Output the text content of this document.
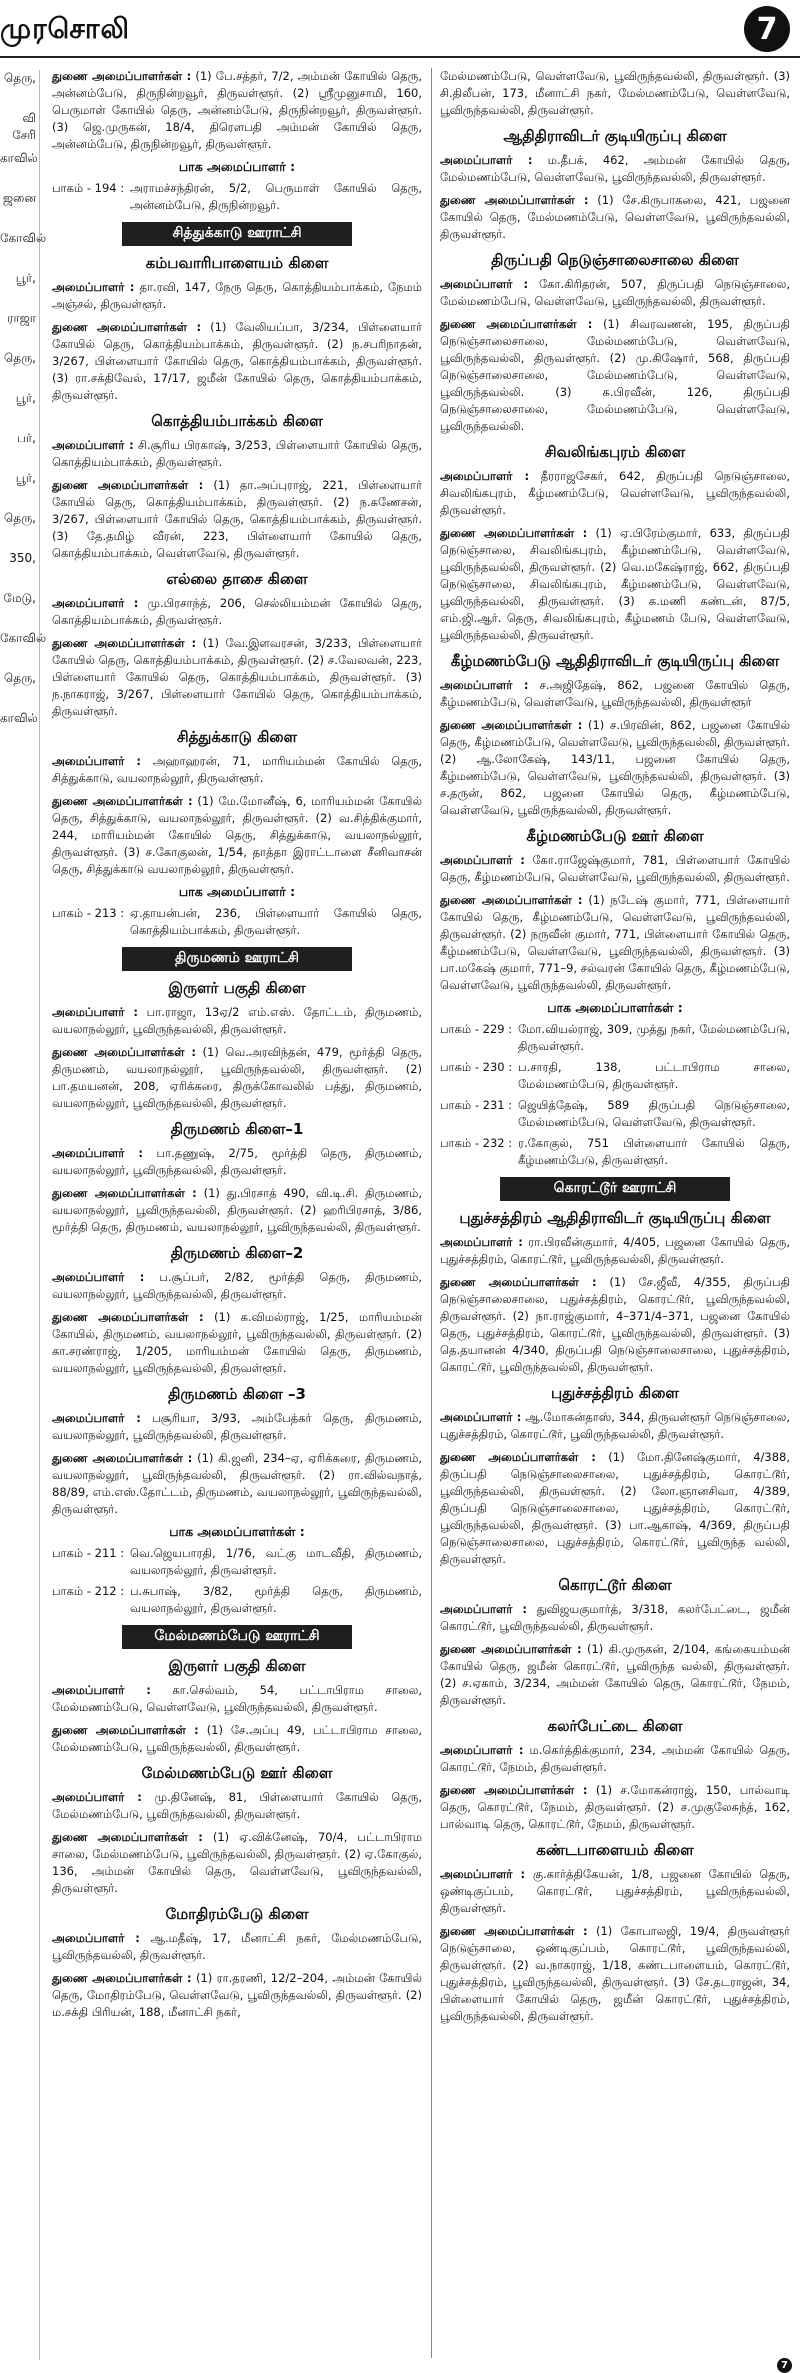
முரசொலி	7
தெரு,
வி சேரி
காவில்
ஜனை
கோவில்
பூர்,
ராஜா
தெரு,
பூர்,
பர்,
பூர்,
தெரு,
350,
மேடு,
கோவில்
தெரு,
காவில்
துணை அமைப்பாளர்கள் : (1) பே.சத்தர், 7/2, அம்மன் கோயில் தெரு, அன்னம்பேடு, திருநின்றவூர், திருவள்ளூர். (2) ஸ்ரீமுனுசாமி, 160, பெருமாள் கோயில் தெரு, அன்னம்பேடு, திருநின்றவூர், திருவள்ளூர். (3) ஜெ.முருகன், 18/4, திரௌபதி அம்மன் கோயில் தெரு, அன்னம்பேடு, திருநின்றவூர், திருவள்ளூர்.
பாக அமைப்பாளர் :
பாகம் - 194 : அராமச்சந்திரன், 5/2, பெருமாள் கோயில் தெரு, அன்னம்பேடு, திருநின்றவூர்.
சித்துக்காடு ஊராட்சி
கம்பவாரிபாளையம் கிளை
அமைப்பாளர் : தா.ரவி, 147, நேரு தெரு, கொத்தியம்பாக்கம், நேமம் அஞ்சல், திருவள்ளூர்.
துணை அமைப்பாளர்கள் : (1) வேலியப்பா, 3/234, பிள்ளையார் கோயில் தெரு, கொத்தியம்பாக்கம், திருவள்ளூர். (2) ந.சபரிநாதன், 3/267, பிள்ளையார் கோயில் தெரு, கொத்தியம்பாக்கம், திருவள்ளூர். (3) ரா.சக்திவேல், 17/17, ஜமீன் கோயில் தெரு, கொத்தியம்பாக்கம், திருவள்ளூர்.
கொத்தியம்பாக்கம் கிளை
அமைப்பாளர் : சி.சூரிய பிரகாஷ், 3/253, பிள்ளையார் கோயில் தெரு, கொத்தியம்பாக்கம், திருவள்ளூர்.
துணை அமைப்பாளர்கள் : (1) தா.அப்புராஜ், 221, பிள்ளையார் கோயில் தெரு, கொத்தியம்பாக்கம், திருவள்ளூர். (2) ந.கணேசன், 3/267, பிள்ளையார் கோயில் தெரு, கொத்தியம்பாக்கம், திருவள்ளூர். (3) தே.தமிழ் வீரன், 223, பிள்ளையார் கோயில் தெரு, கொத்தியம்பாக்கம், வெள்ளவேடு, திருவள்ளூர்.
எல்லை தாசை கிளை
அமைப்பாளர் : மு.பிரசாந்த், 206, செல்லியம்மன் கோயில் தெரு, கொத்தியம்பாக்கம், திருவள்ளூர்.
துணை அமைப்பாளர்கள் : (1) வே.இளவரசன், 3/233, பிள்ளையார் கோயில் தெரு, கொத்தியம்பாக்கம், திருவள்ளூர். (2) ச.வேலவன், 223, பிள்ளையார் கோயில் தெரு, கொத்தியம்பாக்கம், திருவள்ளூர். (3) ந.நாகராஜ், 3/267, பிள்ளையார் கோயில் தெரு, கொத்தியம்பாக்கம், திருவள்ளூர்.
சித்துக்காடு கிளை
அமைப்பாளர் : அஹாஹரன், 71, மாரியம்மன் கோயில் தெரு, சித்துக்காடு, வயலாநல்லூர், திருவள்ளூர்.
துணை அமைப்பாளர்கள் : (1) மே.மோனீஷ், 6, மாரியம்மன் கோயில் தெரு, சித்துக்காடு, வயலாநல்லூர், திருவள்ளூர். (2) வ.சித்திக்குமார், 244, மாரியம்மன் கோயில் தெரு, சித்துக்காடு, வயலாநல்லூர், திருவள்ளூர். (3) ச.கோகுலன், 1/54, தாத்தா இராட்டாளை சீனிவாசன் தெரு, சித்துக்காடு வயலாநல்லூர், திருவள்ளூர்.
பாக அமைப்பாளர் :
பாகம் - 213 : ஏ.தாயன்பன், 236, பிள்ளையார் கோயில் தெரு, கொத்தியம்பாக்கம், திருவள்ளூர்.
திருமணம் ஊராட்சி
இருளர் பகுதி கிளை
அமைப்பாளர் : பா.ராஜா, 13ஏ/2 எம்.எஸ். தோட்டம், திருமணம், வயலாநல்லூர், பூவிருந்தவல்லி, திருவள்ளூர்.
துணை அமைப்பாளர்கள் : (1) வெ.அரவிந்தன், 479, மூர்த்தி தெரு, திருமணம், வயலாநல்லூர், பூவிருந்தவல்லி, திருவள்ளூர். (2) பா.தமயனன், 208, ஏரிக்கரை, திருக்கோவலில் பத்து, திருமணம், வயலாநல்லூர், பூவிருந்தவல்லி, திருவள்ளூர்.
திருமணம் கிளை–1
அமைப்பாளர் : பா.தணுஷ், 2/75, மூர்த்தி தெரு, திருமணம், வயலாநல்லூர், பூவிருந்தவல்லி, திருவள்ளூர்.
துணை அமைப்பாளர்கள் : (1) து.பிரசாத் 490, வி.டி.சி. திருமணம், வயலாநல்லூர், பூவிருந்தவல்லி, திருவள்ளூர். (2) ஹரிபிரசாத், 3/86, மூர்த்தி தெரு, திருமணம், வயலாநல்லூர், பூவிருந்தவல்லி, திருவள்ளூர்.
திருமணம் கிளை–2
அமைப்பாளர் : ப.சூப்பர், 2/82, மூர்த்தி தெரு, திருமணம், வயலாநல்லூர், பூவிருந்தவல்லி, திருவள்ளூர்.
துணை அமைப்பாளர்கள் : (1) க.விமல்ராஜ், 1/25, மாரியம்மன் கோயில், திருமணம், வயலாநல்லூர், பூவிருந்தவல்லி, திருவள்ளூர். (2) கா.சரண்ராஜ், 1/205, மாரியம்மன் கோயில் தெரு, திருமணம், வயலாநல்லூர், பூவிருந்தவல்லி, திருவள்ளூர்.
திருமணம் கிளை –3
அமைப்பாளர் : பசூரியா, 3/93, அம்பேத்கர் தெரு, திருமணம், வயலாநல்லூர், பூவிருந்தவல்லி, திருவள்ளூர்.
துணை அமைப்பாளர்கள் : (1) கி.ஜனி, 234–ஏ, ஏரிக்கரை, திருமணம், வயலாநல்லூர், பூவிருந்தவல்லி, திருவள்ளூர். (2) ரா.வில்வநாத், 88/89, எம்.எஸ்.தோட்டம், திருமணம், வயலாநல்லூர், பூவிருந்தவல்லி, திருவள்ளூர்.
பாக அமைப்பாளர்கள் :
பாகம் - 211 : வெ.ஜெயபாரதி, 1/76, வட்கு மாடவீதி, திருமணம், வயலாநல்லூர், திருவள்ளூர்.
பாகம் - 212 : ப.சுபாஷ், 3/82, மூர்த்தி தெரு, திருமணம், வயலாநல்லூர், திருவள்ளூர்.
மேல்மணம்பேடு ஊராட்சி
இருளர் பகுதி கிளை
அமைப்பாளர் : கா.செல்வம், 54, பட்டாபிராம சாலை, மேல்மணம்பேடு, வெள்ளவேடு, பூவிருந்தவல்லி, திருவள்ளூர்.
துணை அமைப்பாளர்கள் : (1) சே.அப்பு 49, பட்டாபிராம சாலை, மேல்மணம்பேடு, பூவிருந்தவல்லி, திருவள்ளூர்.
மேல்மணம்பேடு ஊர் கிளை
அமைப்பாளர் : மு.தினேஷ், 81, பிள்ளையார் கோயில் தெரு, மேல்மணம்பேடு, பூவிருந்தவல்லி, திருவள்ளூர்.
துணை அமைப்பாளர்கள் : (1) ஏ.விக்னேஷ், 70/4, பட்டாபிராம சாலை, மேல்மணம்பேடு, பூவிருந்தவல்லி, திருவள்ளூர். (2) ஏ.கோகுல், 136, அம்மன் கோயில் தெரு, வெள்ளவேடு, பூவிருந்தவல்லி, திருவள்ளூர்.
மோதிரம்பேடு கிளை
அமைப்பாளர் : ஆ.மதீஷ், 17, மீனாட்சி நகர், மேல்மணம்பேடு, பூவிருந்தவல்லி, திருவள்ளூர்.
துணை அமைப்பாளர்கள் : (1) ரா.தரணி, 12/2–204, அம்மன் கோயில் தெரு, மோதிரம்பேடு, வெள்ளவேடு, பூவிருந்தவல்லி, திருவள்ளூர். (2) ம.சக்தி பிரியன், 188, மீனாட்சி நகர்,
மேல்மணம்பேடு, வெள்ளவேடு, பூவிருந்தவல்லி, திருவள்ளூர். (3) சி.திலீபன், 173, மீனாட்சி நகர், மேல்மணம்பேடு, வெள்ளவேடு, பூவிருந்தவல்லி, திருவள்ளூர்.
ஆதிதிராவிடர் குடியிருப்பு கிளை
அமைப்பாளர் : ம.தீபக், 462, அம்மன் கோயில் தெரு, மேல்மணம்பேடு, வெள்ளவேடு, பூவிருந்தவல்லி, திருவள்ளூர்.
துணை அமைப்பாளர்கள் : (1) சே.கிருபாகலை, 421, பஜனை கோயில் தெரு, மேல்மணம்பேடு, வெள்ளவேடு, பூவிருந்தவல்லி, திருவள்ளூர்.
திருப்பதி நெடுஞ்சாலைசாலை கிளை
அமைப்பாளர் : கோ.கிரிதரன், 507, திருப்பதி நெடுஞ்சாலை, மேல்மணம்பேடு, வெள்ளவேடு, பூவிருந்தவல்லி, திருவள்ளூர்.
துணை அமைப்பாளர்கள் : (1) சிவரவணன், 195, திருப்பதி நெடுஞ்சாலைசாலை, மேல்மணம்பேடு, வெள்ளவேடு, பூவிருந்தவல்லி, திருவள்ளூர். (2) மு.கிஷோர், 568, திருப்பதி நெடுஞ்சாலைசாலை, மேல்மணம்பேடு, வெள்ளவேடு, பூவிருந்தவல்லி. (3) க.பிரவீன், 126, திருப்பதி நெடுஞ்சாலைசாலை, மேல்மணம்பேடு, வெள்ளவேடு, பூவிருந்தவல்லி.
சிவலிங்கபுரம் கிளை
அமைப்பாளர் : தீரராஜசேகர், 642, திருப்பதி நெடுஞ்சாலை, சிவலிங்கபுரம், கீழ்மணம்பேடு, வெள்ளவேடு, பூவிருந்தவல்லி, திருவள்ளூர்.
துணை அமைப்பாளர்கள் : (1) ஏ.பிரேம்குமார், 633, திருப்பதி நெடுஞ்சாலை, சிவலிங்கபுரம், கீழ்மணம்பேடு, வெள்ளவேடு, பூவிருந்தவல்லி, திருவள்ளூர். (2) வெ.மகேஷ்ராஜ், 662, திருப்பதி நெடுஞ்சாலை, சிவலிங்கபுரம், கீழ்மணம்பேடு, வெள்ளவேடு, பூவிருந்தவல்லி, திருவள்ளூர். (3) க.மணி கண்டன், 87/5, எம்.ஜி.ஆர். தெரு, சிவலிங்கபுரம், கீழ்மணம் பேடு, வெள்ளவேடு, பூவிருந்தவல்லி, திருவள்ளூர்.
கீழ்மணம்பேடு ஆதிதிராவிடர் குடியிருப்பு கிளை
அமைப்பாளர் : ச.அஜிதேஷ், 862, பஜனை கோயில் தெரு, கீழ்மணம்பேடு, வெள்ளவேடு, பூவிருந்தவல்லி, திருவள்ளூர்
துணை அமைப்பாளர்கள் : (1) ச.பிரவின், 862, பஜனை கோயில் தெரு, கீழ்மணம்பேடு, வெள்ளவேடு, பூவிருந்தவல்லி, திருவள்ளூர். (2) ஆ.லோகேஷ், 143/11, பஜனை கோயில் தெரு, கீழ்மணம்பேடு, வெள்ளவேடு, பூவிருந்தவல்லி, திருவள்ளூர். (3) ச.தருன், 862, பஜனை கோயில் தெரு, கீழ்மணம்பேடு, வெள்ளவேடு, பூவிருந்தவல்லி, திருவள்ளூர்.
கீழ்மணம்பேடு ஊர் கிளை
அமைப்பாளர் : கோ.ராஜேஷ்குமார், 781, பிள்ளையார் கோயில் தெரு, கீழ்மணம்பேடு, வெள்ளவேடு, பூவிருந்தவல்லி, திருவள்ளூர்.
துணை அமைப்பாளர்கள் : (1) நடேஷ் குமார், 771, பிள்ளையார் கோயில் தெரு, கீழ்மணம்பேடு, வெள்ளவேடு, பூவிருந்தவல்லி, திருவள்ளூர். (2) நருவீன் குமார், 771, பிள்ளையார் கோயில் தெரு, கீழ்மணம்பேடு, வெள்ளவேடு, பூவிருந்தவல்லி, திருவள்ளூர். (3) பா.மகேஷ் குமார், 771–9, சல்வரன் கோயில் தெரு, கீழ்மணம்பேடு, வெள்ளவேடு, பூவிருந்தவல்லி, திருவள்ளூர்.
பாக அமைப்பாளர்கள் :
பாகம் - 229 : மோ.வியல்ராஜ், 309, முத்து நகர், மேல்மணம்பேடு, திருவள்ளூர்.
பாகம் - 230 : ப.சாரதி, 138, பட்டாபிராம சாலை, மேல்மணம்பேடு, திருவள்ளூர்.
பாகம் - 231 : ஜெயித்தேஷ், 589 திருப்பதி நெடுஞ்சாலை, மேல்மணம்பேடு, வெள்ளவேடு, திருவள்ளூர்.
பாகம் - 232 : ர.கோகுல், 751 பிள்ளையார் கோயில் தெரு, கீழ்மணம்பேடு, திருவள்ளூர்.
கொரட்டூர் ஊராட்சி
புதுச்சத்திரம் ஆதிதிராவிடர் குடியிருப்பு கிளை
அமைப்பாளர் : ரா.பிரவீன்குமார், 4/405, பஜனை கோயில் தெரு, புதுச்சத்திரம், கொரட்டூர், பூவிருந்தவல்லி, திருவள்ளூர்.
துணை அமைப்பாளர்கள் : (1) சே.ஜீவீ, 4/355, திருப்பதி நெடுஞ்சாலைசாலை, புதுச்சத்திரம், கொரட்டூர், பூவிருந்தவல்லி, திருவள்ளூர். (2) நா.ராஜ்குமார், 4–371/4–371, பஜனை கோயில் தெரு, புதுச்சத்திரம், கொரட்டூர், பூவிருந்தவல்லி, திருவள்ளூர். (3) தெ.தயானன் 4/340, திருப்பதி நெடுஞ்சாலைசாலை, புதுச்சத்திரம், கொரட்டூர், பூவிருந்தவல்லி, திருவள்ளூர்.
புதுச்சத்திரம் கிளை
அமைப்பாளர் : ஆ.மோகன்தாஸ், 344, திருவள்ளூர் நெடுஞ்சாலை, புதுச்சத்திரம், கொரட்டூர், பூவிருந்தவல்லி, திருவள்ளூர்.
துணை அமைப்பாளர்கள் : (1) மோ.தினேஷ்குமார், 4/388, திருப்பதி நெடுஞ்சாலைசாலை, புதுச்சத்திரம், கொரட்டூர், பூவிருந்தவல்லி, திருவள்ளூர். (2) லோ.ஞானசிவா, 4/389, திருப்பதி நெடுஞ்சாலைசாலை, புதுச்சத்திரம், கொரட்டூர், பூவிருந்தவல்லி, திருவள்ளூர். (3) பா.ஆகாஷ், 4/369, திருப்பதி நெடுஞ்சாலைசாலை, புதுச்சத்திரம், கொரட்டூர், பூவிருந்த வல்லி, திருவள்ளூர்.
கொரட்டூர் கிளை
அமைப்பாளர் : துவிஜயகுமார்த், 3/318, கலர்பேட்டை, ஜமீன் கொரட்டூர், பூவிருந்தவல்லி, திருவள்ளூர்.
துணை அமைப்பாளர்கள் : (1) கி.முருகன், 2/104, கங்கையம்மன் கோயில் தெரு, ஜமீன் கொரட்டூர், பூவிருந்த வல்லி, திருவள்ளூர். (2) ச.ஏகாம், 3/234, அம்மன் கோயில் தெரு, கொரட்டூர், நேமம், திருவள்ளூர்.
கலர்பேட்டை கிளை
அமைப்பாளர் : ம.கெர்த்திக்குமார், 234, அம்மன் கோயில் தெரு, கொரட்டூர், நேமம், திருவள்ளூர்.
துணை அமைப்பாளர்கள் : (1) ச.மோகன்ராஜ், 150, பால்வாடி தெரு, கொரட்டூர், நேமம், திருவள்ளூர். (2) ச.முகுலேசுந்த், 162, பால்வாடி தெரு, கொரட்டூர், நேமம், திருவள்ளூர்.
கண்டபாளையம் கிளை
அமைப்பாளர் : கு.கார்த்திகேயன், 1/8, பஜனை கோயில் தெரு, ஒண்டிகுப்பம், கொரட்டூர், புதுச்சத்திரம், பூவிருந்தவல்லி, திருவள்ளூர்.
துணை அமைப்பாளர்கள் : (1) கோபாலஜி, 19/4, திருவள்ளூர் நெடுஞ்சாலை, ஒண்டிகுப்பம், கொரட்டூர், பூவிருந்தவல்லி, திருவள்ளூர். (2) வ.நாகராஜ், 1/18, கண்டபாளையம், கொரட்டூர், புதுச்சத்திரம், பூவிருந்தவல்லி, திருவள்ளூர். (3) சே.தடராஜன், 34, பிள்ளையார் கோயில் தெரு, ஜமீன் கொரட்டூர், புதுச்சத்திரம், பூவிருந்தவல்லி, திருவள்ளூர்.
7
